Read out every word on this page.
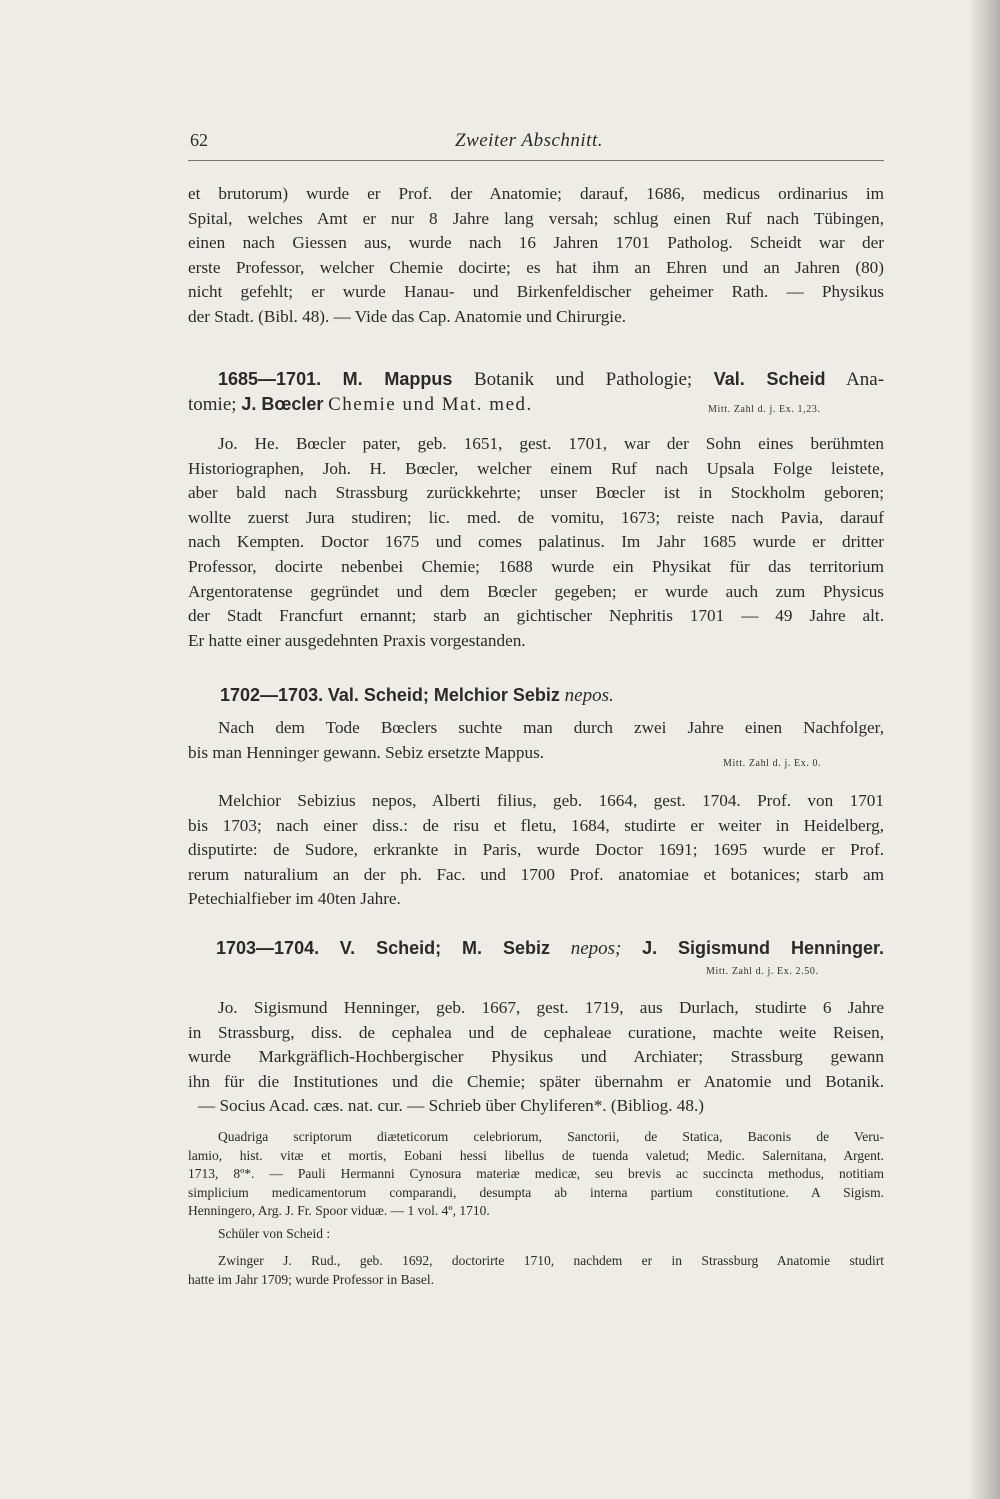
62	Zweiter Abschnitt.
et brutorum) wurde er Prof. der Anatomie; darauf, 1686, medicus ordinarius im
Spital, welches Amt er nur 8 Jahre lang versah; schlug einen Ruf nach Tübingen,
einen nach Giessen aus, wurde nach 16 Jahren 1701 Patholog. Scheidt war der
erste Professor, welcher Chemie docirte; es hat ihm an Ehren und an Jahren (80)
nicht gefehlt; er wurde Hanau- und Birkenfeldischer geheimer Rath. — Physikus
der Stadt. (Bibl. 48). — Vide das Cap. Anatomie und Chirurgie.
1685—1701. M. Mappus Botanik und Pathologie; Val. Scheid Ana-
tomie; J. Bœcler Chemie und Mat. med.	Mitt. Zahl d. j. Ex. 1,23.
Jo. He. Bœcler pater, geb. 1651, gest. 1701, war der Sohn eines berühmten
Historiographen, Joh. H. Bœcler, welcher einem Ruf nach Upsala Folge leistete,
aber bald nach Strassburg zurückkehrte; unser Bœcler ist in Stockholm geboren;
wollte zuerst Jura studiren; lic. med. de vomitu, 1673; reiste nach Pavia, darauf
nach Kempten. Doctor 1675 und comes palatinus. Im Jahr 1685 wurde er dritter
Professor, docirte nebenbei Chemie; 1688 wurde ein Physikat für das territorium
Argentoratense gegründet und dem Bœcler gegeben; er wurde auch zum Physicus
der Stadt Francfurt ernannt; starb an gichtischer Nephritis 1701 — 49 Jahre alt.
Er hatte einer ausgedehnten Praxis vorgestanden.
1702—1703. Val. Scheid; Melchior Sebiz nepos.
Nach dem Tode Bœclers suchte man durch zwei Jahre einen Nachfolger,
bis man Henninger gewann. Sebiz ersetzte Mappus.
Mitt. Zahl d. j. Ex. 0.
Melchior Sebizius nepos, Alberti filius, geb. 1664, gest. 1704. Prof. von 1701
bis 1703; nach einer diss.: de risu et fletu, 1684, studirte er weiter in Heidelberg,
disputirte: de Sudore, erkrankte in Paris, wurde Doctor 1691; 1695 wurde er Prof.
rerum naturalium an der ph. Fac. und 1700 Prof. anatomiae et botanices; starb am
Petechialfieber im 40ten Jahre.
1703—1704. V. Scheid; M. Sebiz nepos; J. Sigismund Henninger.
Mitt. Zahl d. j. Ex. 2.50.
Jo. Sigismund Henninger, geb. 1667, gest. 1719, aus Durlach, studirte 6 Jahre
in Strassburg, diss. de cephalea und de cephaleae curatione, machte weite Reisen,
wurde Markgräflich-Hochbergischer Physikus und Archiater; Strassburg gewann
ihn für die Institutiones und die Chemie; später übernahm er Anatomie und Botanik.
— Socius Acad. cæs. nat. cur. — Schrieb über Chyliferen*. (Bibliog. 48.)
Quadriga scriptorum diæteticorum celebriorum, Sanctorii, de Statica, Baconis de Veru-
lamio, hist. vitæ et mortis, Eobani hessi libellus de tuenda valetud; Medic. Salernitana, Argent.
1713, 8º*. — Pauli Hermanni Cynosura materiæ medicæ, seu brevis ac succincta methodus, notitiam
simplicium medicamentorum comparandi, desumpta ab interna partium constitutione. A Sigism.
Henningero, Arg. J. Fr. Spoor viduæ. — 1 vol. 4º, 1710.
Schüler von Scheid :
Zwinger J. Rud., geb. 1692, doctorirte 1710, nachdem er in Strassburg Anatomie studirt
hatte im Jahr 1709; wurde Professor in Basel.
